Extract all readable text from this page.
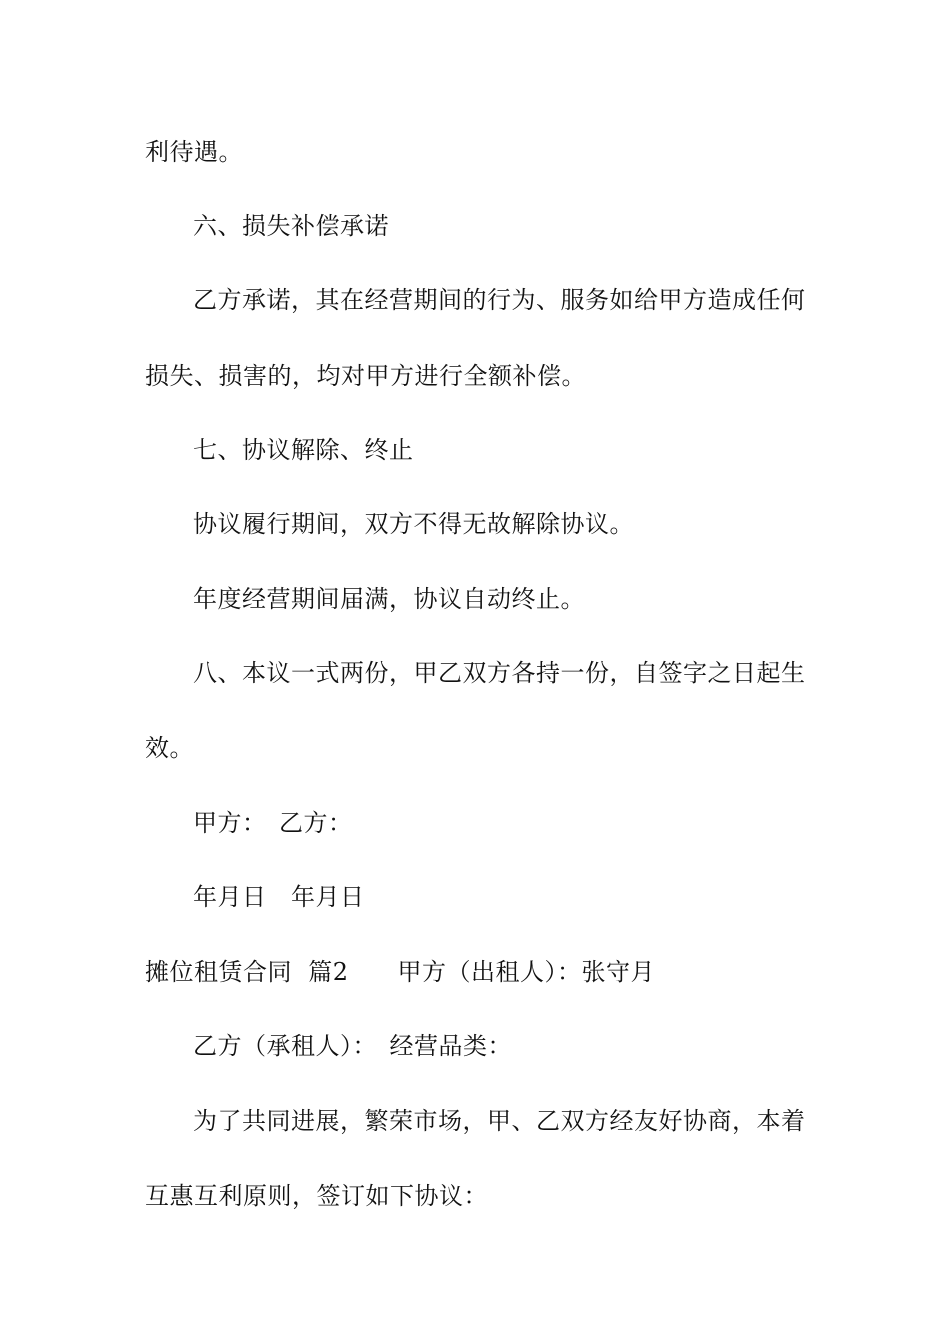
利待遇。
六、损失补偿承诺
乙方承诺，其在经营期间的行为、服务如给甲方造成任何
损失、损害的，均对甲方进行全额补偿。
七、协议解除、终止
协议履行期间，双方不得无故解除协议。
年度经营期间届满，协议自动终止。
八、本议一式两份，甲乙双方各持一份，自签字之日起生
效。
甲方：　乙方：
年月日　年月日
摊位租赁合同  篇2　　甲方（出租人）：张守月
乙方（承租人）：　经营品类：
为了共同进展，繁荣市场，甲、乙双方经友好协商，本着
互惠互利原则，签订如下协议：
